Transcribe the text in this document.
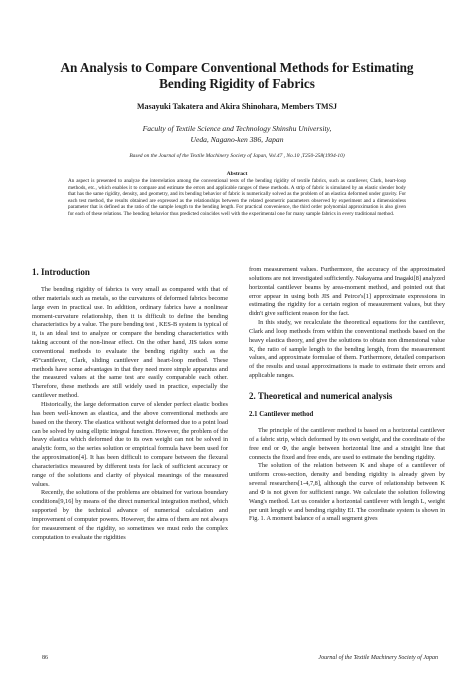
An Analysis to Compare Conventional Methods for Estimating
Bending Rigidity of Fabrics
Masayuki Takatera and Akira Shinohara, Members TMSJ
Faculty of Textile Science and Technology Shinshu University,
Ueda, Nagano-ken 386, Japan
Based on the Journal of the Textile Machinery Society of Japan, Vol.47 , No.10 ,T250-258(1994-10)
Abstract
An aspect is presented to analyze the interrelation among the conventional tests of the bending rigidity of textile fabrics, such as cantilever, Clark, heart-loop methods, etc., which enables it to compare and estimate the errors and applicable ranges of these methods. A strip of fabric is simulated by an elastic slender body that has the same rigidity, density, and geometry, and its bending behavior of fabric is numerically solved as the problem of an elastica deformed under gravity. For each test method, the results obtained are expressed as the relationships between the related geometric parameters observed by experiment and a dimensionless parameter that is defined as the ratio of the sample length to the bending length. For practical convenience, the third order polynomial approximation is also given for each of these relations. The bending behavior thus predicted coincides well with the experimental one for many sample fabrics in every traditional method.
1. Introduction

The bending rigidity of fabrics is very small as compared with that of other materials such as metals, so the curvatures of deformed fabrics become large even in practical use. In addition, ordinary fabrics have a nonlinear moment-curvature relationship, then it is difficult to define the bending characteristics by a value. The pure bending test , KES-B system is typical of it, is an ideal test to analyze or compare the bending characteristics with taking account of the non-linear effect. On the other hand, JIS takes some conventional methods to evaluate the bending rigidity such as the 45°cantilever, Clark, sliding cantilever and heart-loop method. These methods have some advantages in that they need more simple apparatus and the measured values at the same test are easily comparable each other. Therefore, these methods are still widely used in practice, especially the cantilever method.

Historically, the large deformation curve of slender perfect elastic bodies has been well-known as elastica, and the above conventional methods are based on the theory. The elastica without weight deformed due to a point load can be solved by using elliptic integral function. However, the problem of the heavy elastica which deformed due to its own weight can not be solved in analytic form, so the series solution or empirical formula have been used for the approximation[4]. It has been difficult to compare between the flexural characteristics measured by different tests for lack of sufficient accuracy or range of the solutions and clarity of physical meanings of the measured values.

Recently, the solutions of the problems are obtained for various boundary conditions[9,16] by means of the direct numerical integration method, which supported by the technical advance of numerical calculation and improvement of computer powers. However, the aims of them are not always for measurement of the rigidity, so sometimes we must redo the complex computation to evaluate the rigidities

from measurement values. Furthermore, the accuracy of the approximated solutions are not investigated sufficiently. Nakayama and Inagaki[8] analyzed horizontal cantilever beams by area-moment method, and pointed out that error appear in using both JIS and Peirce's[1] approximate expressions in estimating the rigidity for a certain region of measurement values, but they didn't give sufficient reason for the fact.

In this study, we recalculate the theoretical equations for the cantilever, Clark and loop methods from within the conventional methods based on the heavy elastica theory, and give the solutions to obtain non dimensional value K, the ratio of sample length to the bending length, from the measurement values, and approximate formulae of them. Furthermore, detailed comparison of the results and usual approximations is made to estimate their errors and applicable ranges.

2. Theoretical and numerical analysis
2.1 Cantilever method

The principle of the cantilever method is based on a horizontal cantilever of a fabric strip, which deformed by its own weight, and the coordinate of the free end or Φ, the angle between horizontal line and a straight line that connects the fixed and free ends, are used to estimate the bending rigidity.

The solution of the relation between K and shape of a cantilever of uniform cross-section, density and bending rigidity is already given by several researchers[1-4,7,8], although the curve of relationship between K and Φ is not given for sufficient range. We calculate the solution following Wang's method. Let us consider a horizontal cantilever with length L, weight per unit length w and bending rigidity EI. The coordinate system is shown in Fig. 1. A moment balance of a small segment gives

86	Journal of the Textile Machinery Society of Japan
